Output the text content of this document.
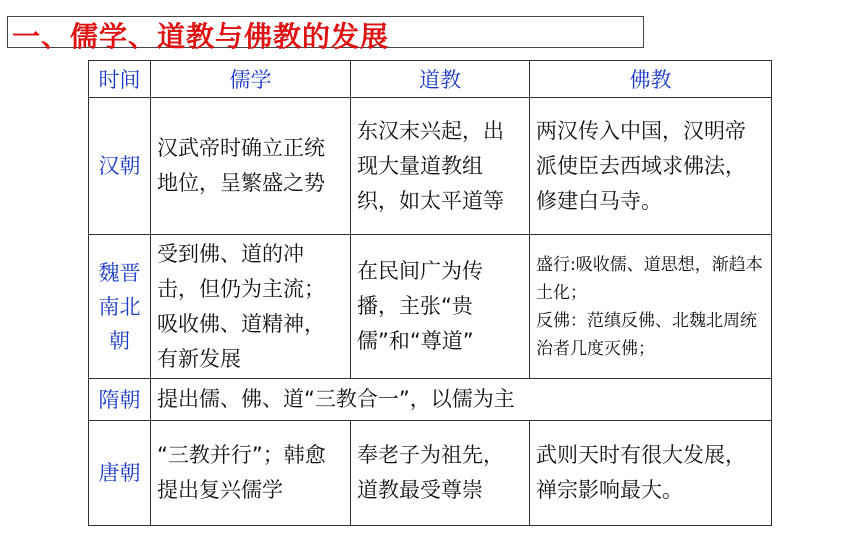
一、儒学、道教与佛教的发展
时间	儒学	道教	佛教
汉朝	汉武帝时确立正统地位，呈繁盛之势	东汉末兴起，出现大量道教组织，如太平道等	两汉传入中国，汉明帝派使臣去西域求佛法，修建白马寺。

魏晋南北朝	受到佛、道的冲击，但仍为主流；吸收佛、道精神，有新发展	在民间广为传播，主张“贵儒”和“尊道”	盛行:吸收儒、道思想，渐趋本土化；
反佛：范缜反佛、北魏北周统治者几度灭佛；

隋朝	提出儒、佛、道“三教合一”，以儒为主		
唐朝	“三教并行”；韩愈提出复兴儒学	奉老子为祖先，道教最受尊崇	武则天时有很大发展，禅宗影响最大。
